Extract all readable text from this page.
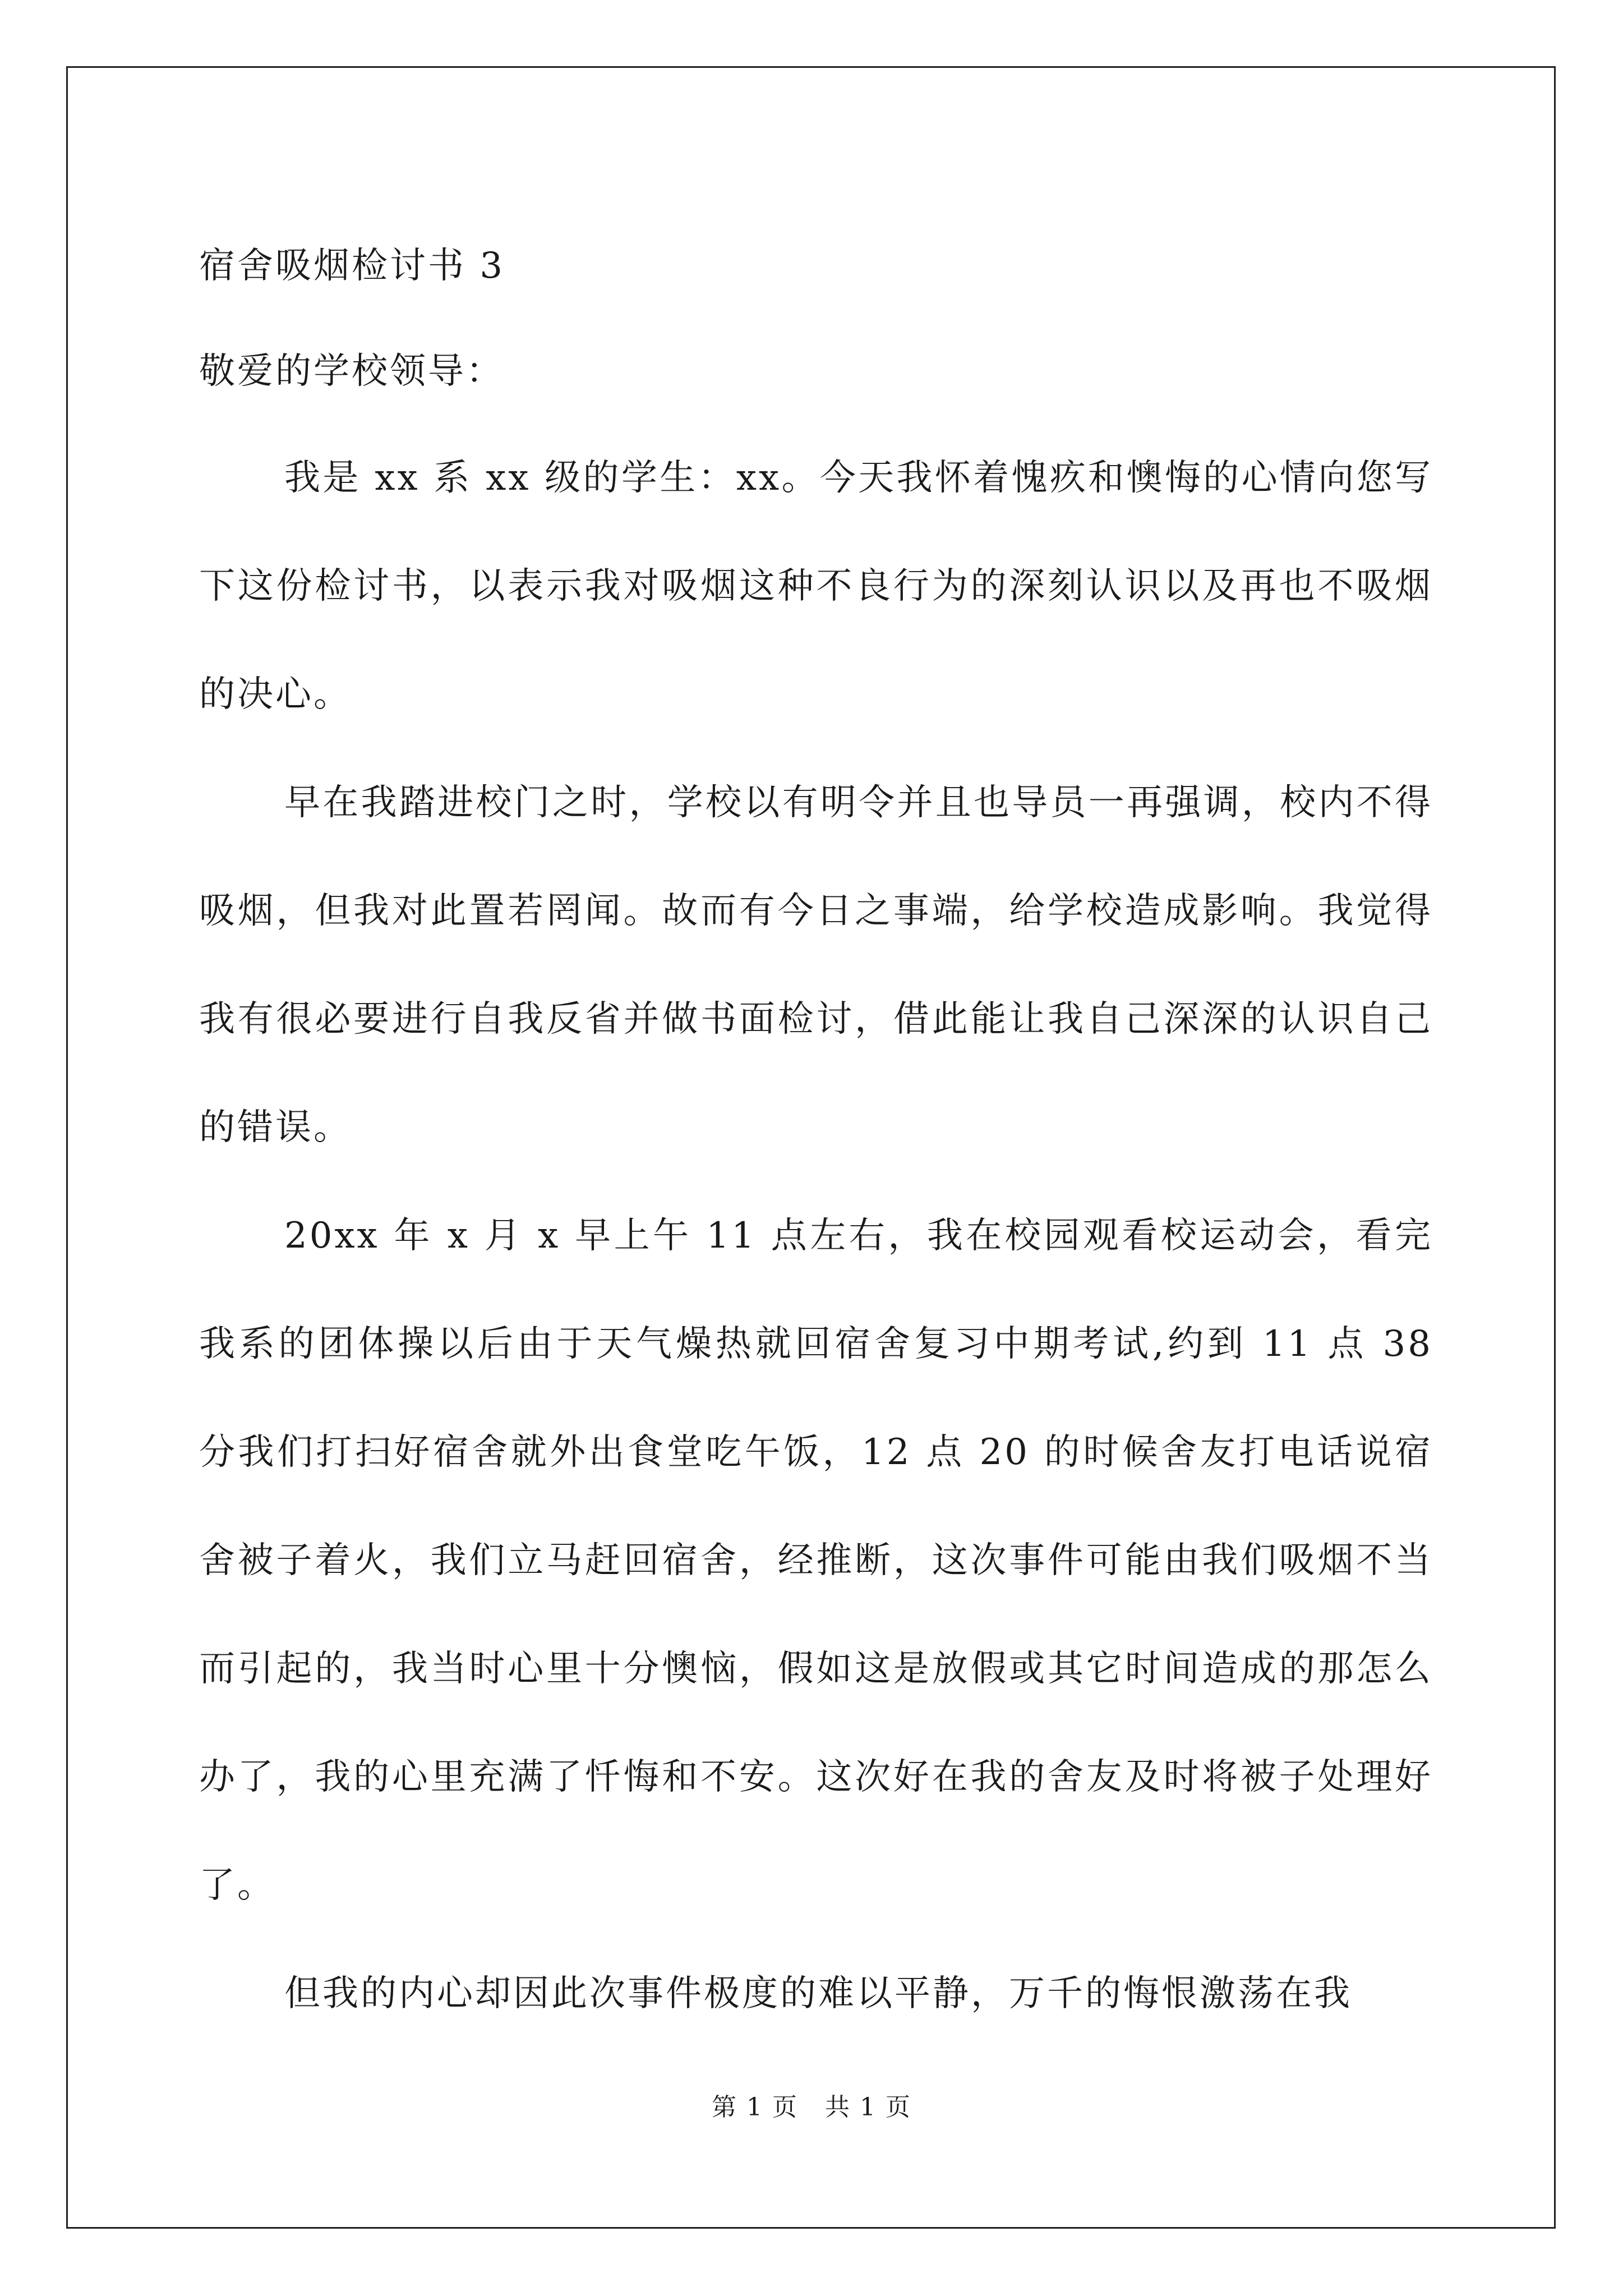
宿舍吸烟检讨书 3

敬爱的学校领导：

我是 xx 系 xx 级的学生：xx。今天我怀着愧疚和懊悔的心情向您写下这份检讨书，以表示我对吸烟这种不良行为的深刻认识以及再也不吸烟的决心。

早在我踏进校门之时，学校以有明令并且也导员一再强调，校内不得吸烟，但我对此置若罔闻。故而有今日之事端，给学校造成影响。我觉得我有很必要进行自我反省并做书面检讨，借此能让我自己深深的认识自己的错误。

20xx 年 x 月 x 早上午 11 点左右，我在校园观看校运动会，看完我系的团体操以后由于天气燥热就回宿舍复习中期考试,约到 11 点 38 分我们打扫好宿舍就外出食堂吃午饭，12 点 20 的时候舍友打电话说宿舍被子着火，我们立马赶回宿舍，经推断，这次事件可能由我们吸烟不当而引起的，我当时心里十分懊恼，假如这是放假或其它时间造成的那怎么办了，我的心里充满了忏悔和不安。这次好在我的舍友及时将被子处理好了。

但我的内心却因此次事件极度的难以平静，万千的悔恨激荡在我

第 1 页   共 1 页
